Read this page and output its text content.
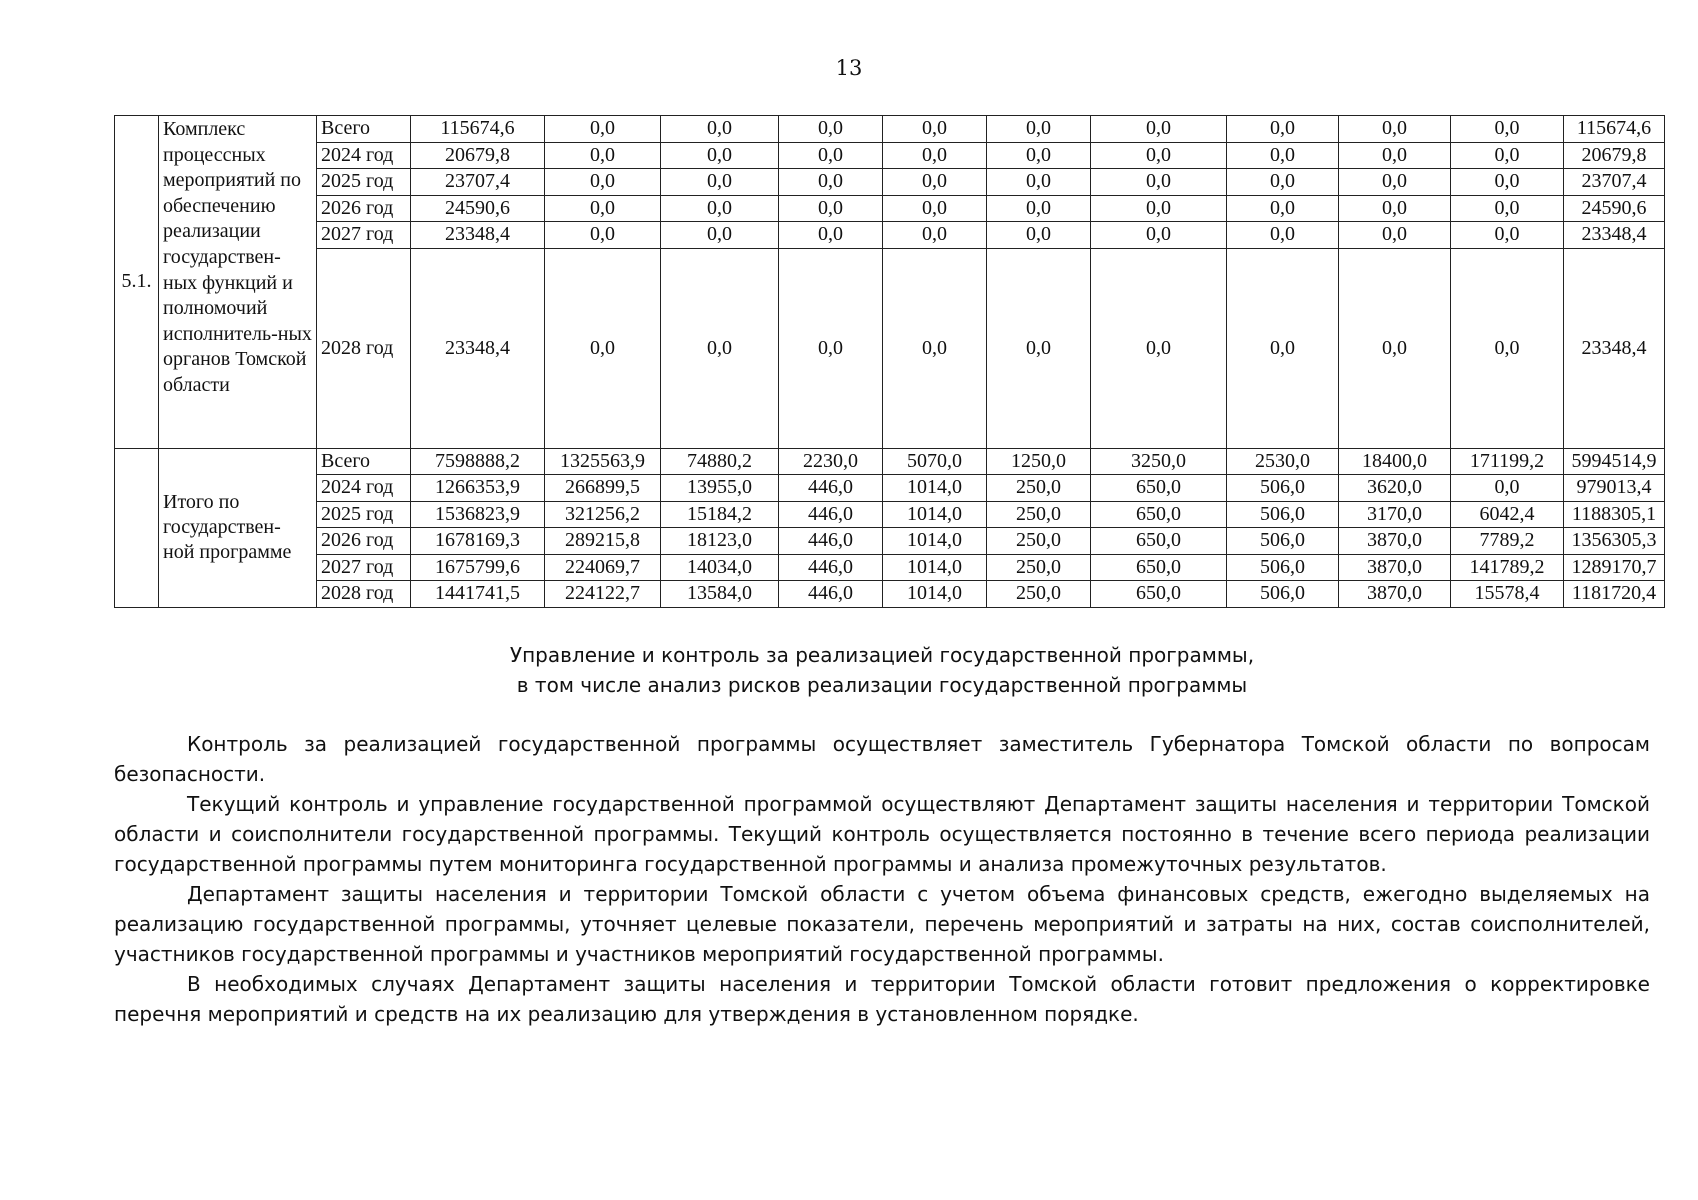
13
5.1.	Комплекс процессных мероприятий по обеспечению реализации государствен-ных функций и полномочий исполнитель-ных органов Томской области	Всего	115674,6	0,0	0,0	0,0	0,0	0,0	0,0	0,0	0,0	0,0	115674,6
		2024 год	20679,8	0,0	0,0	0,0	0,0	0,0	0,0	0,0	0,0	0,0	20679,8
		2025 год	23707,4	0,0	0,0	0,0	0,0	0,0	0,0	0,0	0,0	0,0	23707,4
		2026 год	24590,6	0,0	0,0	0,0	0,0	0,0	0,0	0,0	0,0	0,0	24590,6
		2027 год	23348,4	0,0	0,0	0,0	0,0	0,0	0,0	0,0	0,0	0,0	23348,4
		2028 год	23348,4	0,0	0,0	0,0	0,0	0,0	0,0	0,0	0,0	0,0	23348,4
	Итого по государствен-ной программе	Всего	7598888,2	1325563,9	74880,2	2230,0	5070,0	1250,0	3250,0	2530,0	18400,0	171199,2	5994514,9
		2024 год	1266353,9	266899,5	13955,0	446,0	1014,0	250,0	650,0	506,0	3620,0	0,0	979013,4
		2025 год	1536823,9	321256,2	15184,2	446,0	1014,0	250,0	650,0	506,0	3170,0	6042,4	1188305,1
		2026 год	1678169,3	289215,8	18123,0	446,0	1014,0	250,0	650,0	506,0	3870,0	7789,2	1356305,3
		2027 год	1675799,6	224069,7	14034,0	446,0	1014,0	250,0	650,0	506,0	3870,0	141789,2	1289170,7
		2028 год	1441741,5	224122,7	13584,0	446,0	1014,0	250,0	650,0	506,0	3870,0	15578,4	1181720,4
Управление и контроль за реализацией государственной программы,
в том числе анализ рисков реализации государственной программы

Контроль за реализацией государственной программы осуществляет заместитель Губернатора Томской области по вопросам безопасности.

Текущий контроль и управление государственной программой осуществляют Департамент защиты населения и территории Томской области и соисполнители государственной программы. Текущий контроль осуществляется постоянно в течение всего периода реализации государственной программы путем мониторинга государственной программы и анализа промежуточных результатов.

Департамент защиты населения и территории Томской области с учетом объема финансовых средств, ежегодно выделяемых на реализацию государственной программы, уточняет целевые показатели, перечень мероприятий и затраты на них, состав соисполнителей, участников государственной программы и участников мероприятий государственной программы.

В необходимых случаях Департамент защиты населения и территории Томской области готовит предложения о корректировке перечня мероприятий и средств на их реализацию для утверждения в установленном порядке.
